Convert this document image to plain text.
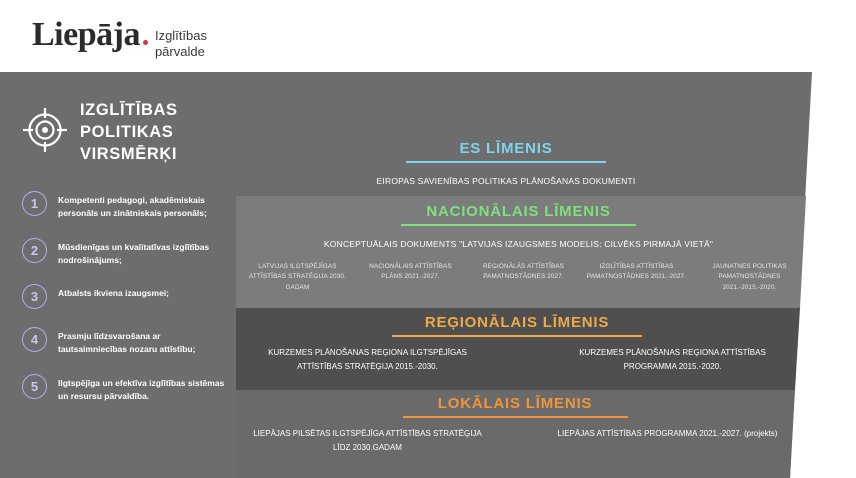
Liepāja Izglītības
pārvalde
IZGLĪTĪBAS POLITIKAS
VIRSMĒRĶI
1	Kompetenti pedagogi, akadēmiskais personāls un zinātniskais personāls;
2	Mūsdienīgas un kvalitatīvas izglītības nodrošinājums;
3	Atbalsts ikviena izaugsmei;
4	Prasmju līdzsvarošana ar tautsaimniecības nozaru attīstību;
5	Ilgtspējīga un efektīva izglītības sistēmas un resursu pārvaldība.
ES LĪMENIS
EIROPAS SAVIENĪBAS POLITIKAS PLĀNOŠANAS DOKUMENTI
NACIONĀLAIS LĪMENIS
KONCEPTUĀLAIS DOKUMENTS "LATVIJAS IZAUGSMES MODELIS: CILVĒKS PIRMAJĀ VIETĀ"
LATVIJAS ILGTSPĒJĪGAS ATTĪSTĪBAS STRATĒĢIJA 2030. GADAM
NACIONĀLAIS ATTĪSTĪBAS PLĀNS 2021.-2027.
REĢIONĀLĀS ATTĪSTĪBAS PAMATNOSTĀDNES 2027.
IZGLĪTĪBAS ATTĪSTĪBAS PAMATNOSTĀDNES 2021.-2027.
JAUNATNES POLITIKAS PAMATNOSTĀDNES 2021.-2015.-2020.
REĢIONĀLAIS LĪMENIS
KURZEMES PLĀNOŠANAS REĢIONA ILGTSPĒJĪGAS ATTĪSTĪBAS STRATĒĢIJA 2015.-2030.
KURZEMES PLĀNOŠANAS REĢIONA ATTĪSTĪBAS PROGRAMMA 2015.-2020.
LOKĀLAIS LĪMENIS
LIEPĀJAS PILSĒTAS ILGTSPĒJĪGA ATTĪSTĪBAS STRATĒĢIJA LĪDZ 2030.GADAM
LIEPĀJAS ATTĪSTĪBAS PROGRAMMA 2021.-2027. (projekts)
www.liepaja.lv
